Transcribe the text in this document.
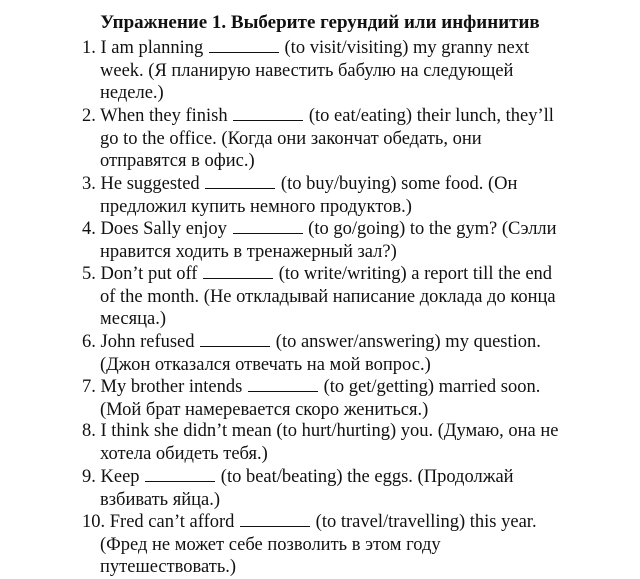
Упражнение 1. Выберите герундий или инфинитив
1. I am planning	(to visit/visiting) my granny next
week. (Я планирую навестить бабулю на следующей
неделе.)
2. When they finish	(to eat/eating) their lunch, they’ll
go to the office. (Когда они закончат обедать, они
отправятся в офис.)
3. He suggested	(to buy/buying) some food. (Он
предложил купить немного продуктов.)
4. Does Sally enjoy	(to go/going) to the gym? (Сэлли
нравится ходить в тренажерный зал?)
5. Don’t put off	(to write/writing) a report till the end
of the month. (Не откладывай написание доклада до конца
месяца.)
6. John refused	(to answer/answering) my question.
(Джон отказался отвечать на мой вопрос.)
7. My brother intends	(to get/getting) married soon.
(Мой брат намеревается скоро жениться.)
8. I think she didn’t mean (to hurt/hurting) you. (Думаю, она не
хотела обидеть тебя.)
9. Keep	(to beat/beating) the eggs. (Продолжай
взбивать яйца.)
10. Fred can’t afford	(to travel/travelling) this year.
(Фред не может себе позволить в этом году
путешествовать.)
